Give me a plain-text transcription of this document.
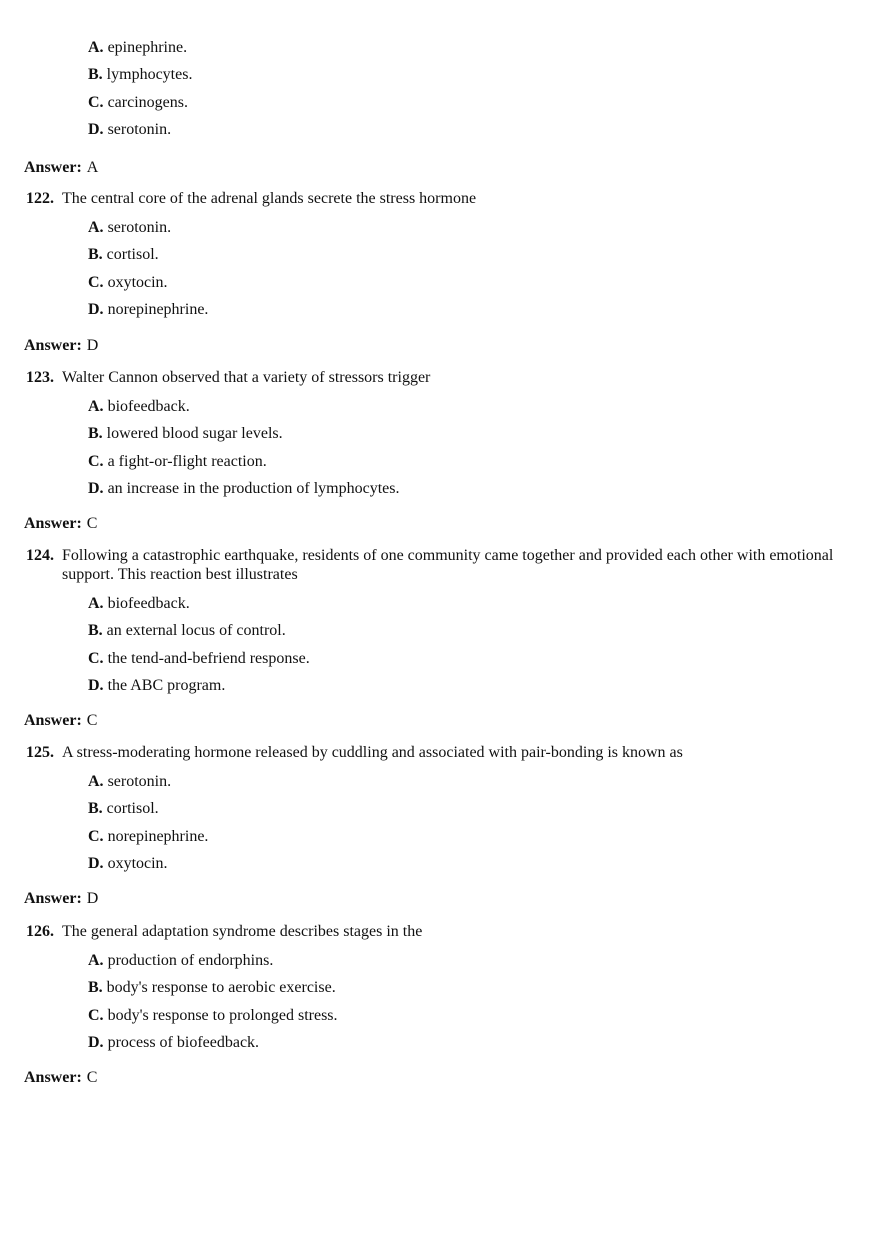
A. epinephrine.
B. lymphocytes.
C. carcinogens.
D. serotonin.
Answer: A
122. The central core of the adrenal glands secrete the stress hormone
A. serotonin.
B. cortisol.
C. oxytocin.
D. norepinephrine.
Answer: D
123. Walter Cannon observed that a variety of stressors trigger
A. biofeedback.
B. lowered blood sugar levels.
C. a fight-or-flight reaction.
D. an increase in the production of lymphocytes.
Answer: C
124. Following a catastrophic earthquake, residents of one community came together and provided each other with emotional support. This reaction best illustrates
A. biofeedback.
B. an external locus of control.
C. the tend-and-befriend response.
D. the ABC program.
Answer: C
125. A stress-moderating hormone released by cuddling and associated with pair-bonding is known as
A. serotonin.
B. cortisol.
C. norepinephrine.
D. oxytocin.
Answer: D
126. The general adaptation syndrome describes stages in the
A. production of endorphins.
B. body's response to aerobic exercise.
C. body's response to prolonged stress.
D. process of biofeedback.
Answer: C
